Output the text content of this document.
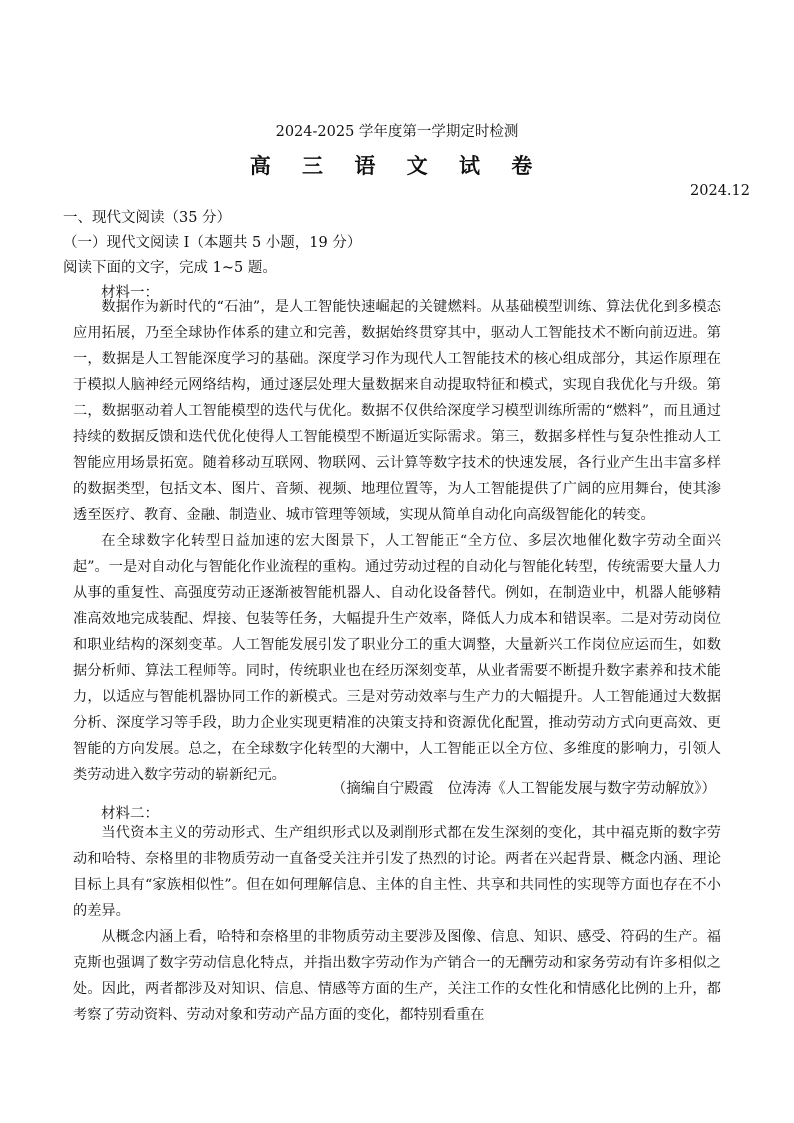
2024-2025 学年度第一学期定时检测
高 三 语 文 试 卷
2024.12
一、现代文阅读（35 分）
（一）现代文阅读 I（本题共 5 小题，19 分）
阅读下面的文字，完成 1~5 题。
材料一：

数据作为新时代的“石油”，是人工智能快速崛起的关键燃料。从基础模型训练、算法优化到多模态应用拓展，乃至全球协作体系的建立和完善，数据始终贯穿其中，驱动人工智能技术不断向前迈进。第一，数据是人工智能深度学习的基础。深度学习作为现代人工智能技术的核心组成部分，其运作原理在于模拟人脑神经元网络结构，通过逐层处理大量数据来自动提取特征和模式，实现自我优化与升级。第二，数据驱动着人工智能模型的迭代与优化。数据不仅供给深度学习模型训练所需的“燃料”，而且通过持续的数据反馈和迭代优化使得人工智能模型不断逼近实际需求。第三，数据多样性与复杂性推动人工智能应用场景拓宽。随着移动互联网、物联网、云计算等数字技术的快速发展，各行业产生出丰富多样的数据类型，包括文本、图片、音频、视频、地理位置等，为人工智能提供了广阔的应用舞台，使其渗透至医疗、教育、金融、制造业、城市管理等领域，实现从简单自动化向高级智能化的转变。

在全球数字化转型日益加速的宏大图景下，人工智能正“全方位、多层次地催化数字劳动全面兴起”。一是对自动化与智能化作业流程的重构。通过劳动过程的自动化与智能化转型，传统需要大量人力从事的重复性、高强度劳动正逐渐被智能机器人、自动化设备替代。例如，在制造业中，机器人能够精准高效地完成装配、焊接、包装等任务，大幅提升生产效率，降低人力成本和错误率。二是对劳动岗位和职业结构的深刻变革。人工智能发展引发了职业分工的重大调整，大量新兴工作岗位应运而生，如数据分析师、算法工程师等。同时，传统职业也在经历深刻变革，从业者需要不断提升数字素养和技术能力，以适应与智能机器协同工作的新模式。三是对劳动效率与生产力的大幅提升。人工智能通过大数据分析、深度学习等手段，助力企业实现更精准的决策支持和资源优化配置，推动劳动方式向更高效、更智能的方向发展。总之，在全球数字化转型的大潮中，人工智能正以全方位、多维度的影响力，引领人类劳动进入数字劳动的崭新纪元。

（摘编自宁殿霞　位涛涛《人工智能发展与数字劳动解放》）
材料二：

当代资本主义的劳动形式、生产组织形式以及剥削形式都在发生深刻的变化，其中福克斯的数字劳动和哈特、奈格里的非物质劳动一直备受关注并引发了热烈的讨论。两者在兴起背景、概念内涵、理论目标上具有“家族相似性”。但在如何理解信息、主体的自主性、共享和共同性的实现等方面也存在不小的差异。

从概念内涵上看，哈特和奈格里的非物质劳动主要涉及图像、信息、知识、感受、符码的生产。福克斯也强调了数字劳动信息化特点，并指出数字劳动作为产销合一的无酬劳动和家务劳动有许多相似之处。因此，两者都涉及对知识、信息、情感等方面的生产，关注工作的女性化和情感化比例的上升，都考察了劳动资料、劳动对象和劳动产品方面的变化，都特别看重在
